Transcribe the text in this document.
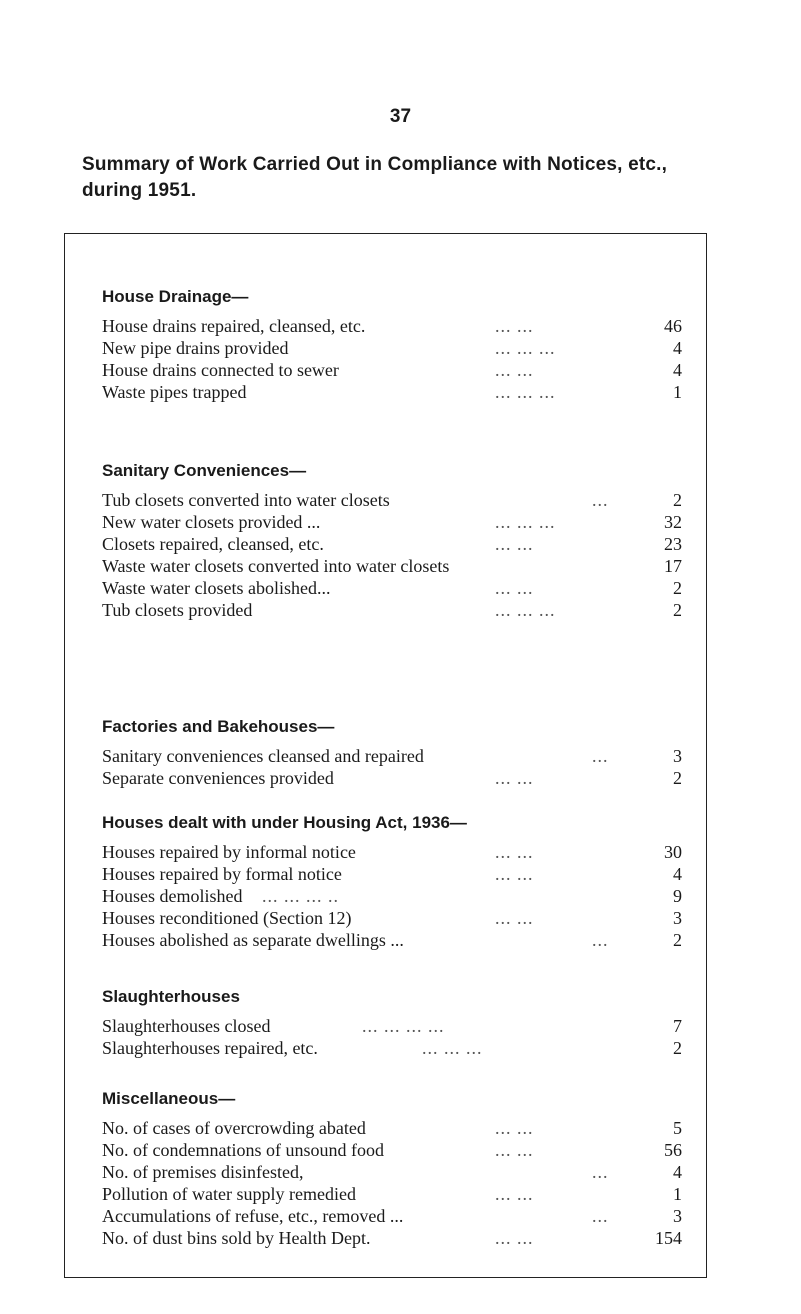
37
Summary of Work Carried Out in Compliance with Notices, etc., during 1951.
House Drainage—
House drains repaired, cleansed, etc.	... ...	46
New pipe drains provided	... ... ...	4
House drains connected to sewer	... ...	4
Waste pipes trapped	... ... ...	1
Sanitary Conveniences—
Tub closets converted into water closets	...	2
New water closets provided ...	... ... ...	32
Closets repaired, cleansed, etc.	... ...	23
Waste water closets converted into water closets	17
Waste water closets abolished...	... ...	2
Tub closets provided	... ... ...	2
Factories and Bakehouses—
Sanitary conveniences cleansed and repaired	...	3
Separate conveniences provided	... ...	2
Houses dealt with under Housing Act, 1936—
Houses repaired by informal notice	... ...	30
Houses repaired by formal notice	... ...	4
Houses demolished ... ... ... ..	9
Houses reconditioned (Section 12)	... ...	3
Houses abolished as separate dwellings ...	...	2
Slaughterhouses
Slaughterhouses closed	... ... ... ...	7
Slaughterhouses repaired, etc.	... ... ...	2
Miscellaneous—
No. of cases of overcrowding abated	... ...	5
No. of condemnations of unsound food	... ...	56
No. of premises disinfested,	...	4
Pollution of water supply remedied	... ...	1
Accumulations of refuse, etc., removed ...	...	3
No. of dust bins sold by Health Dept.	... ...	154
